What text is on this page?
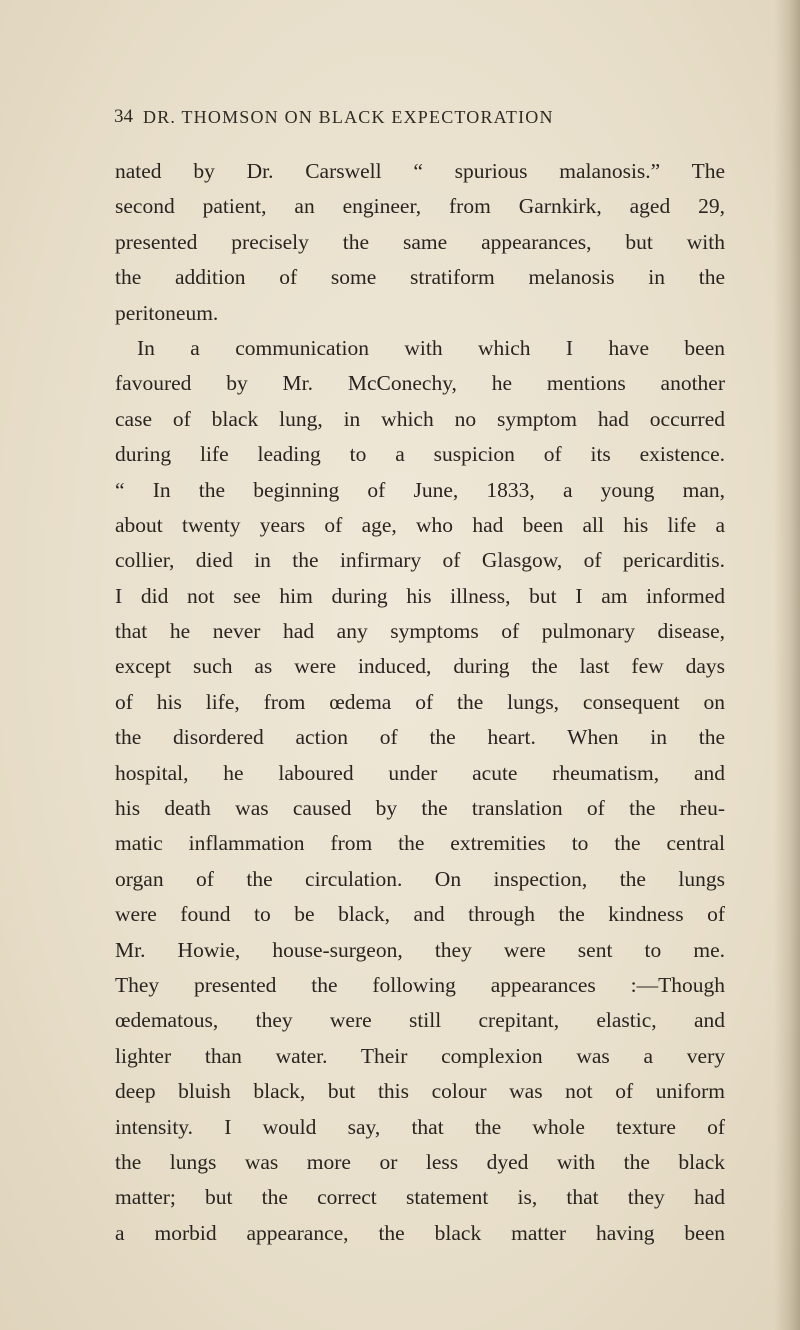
34 DR. THOMSON ON BLACK EXPECTORATION
nated by Dr. Carswell “ spurious malanosis.” The
second patient, an engineer, from Garnkirk, aged 29,
presented precisely the same appearances, but with
the addition of some stratiform melanosis in the
peritoneum.
In a communication with which I have been
favoured by Mr. McConechy, he mentions another
case of black lung, in which no symptom had occurred
during life leading to a suspicion of its existence.
“ In the beginning of June, 1833, a young man,
about twenty years of age, who had been all his life a
collier, died in the infirmary of Glasgow, of pericarditis.
I did not see him during his illness, but I am informed
that he never had any symptoms of pulmonary disease,
except such as were induced, during the last few days
of his life, from œdema of the lungs, consequent on
the disordered action of the heart. When in the
hospital, he laboured under acute rheumatism, and
his death was caused by the translation of the rheu-
matic inflammation from the extremities to the central
organ of the circulation. On inspection, the lungs
were found to be black, and through the kindness of
Mr. Howie, house-surgeon, they were sent to me.
They presented the following appearances :—Though
œdematous, they were still crepitant, elastic, and
lighter than water. Their complexion was a very
deep bluish black, but this colour was not of uniform
intensity. I would say, that the whole texture of
the lungs was more or less dyed with the black
matter; but the correct statement is, that they had
a morbid appearance, the black matter having been
